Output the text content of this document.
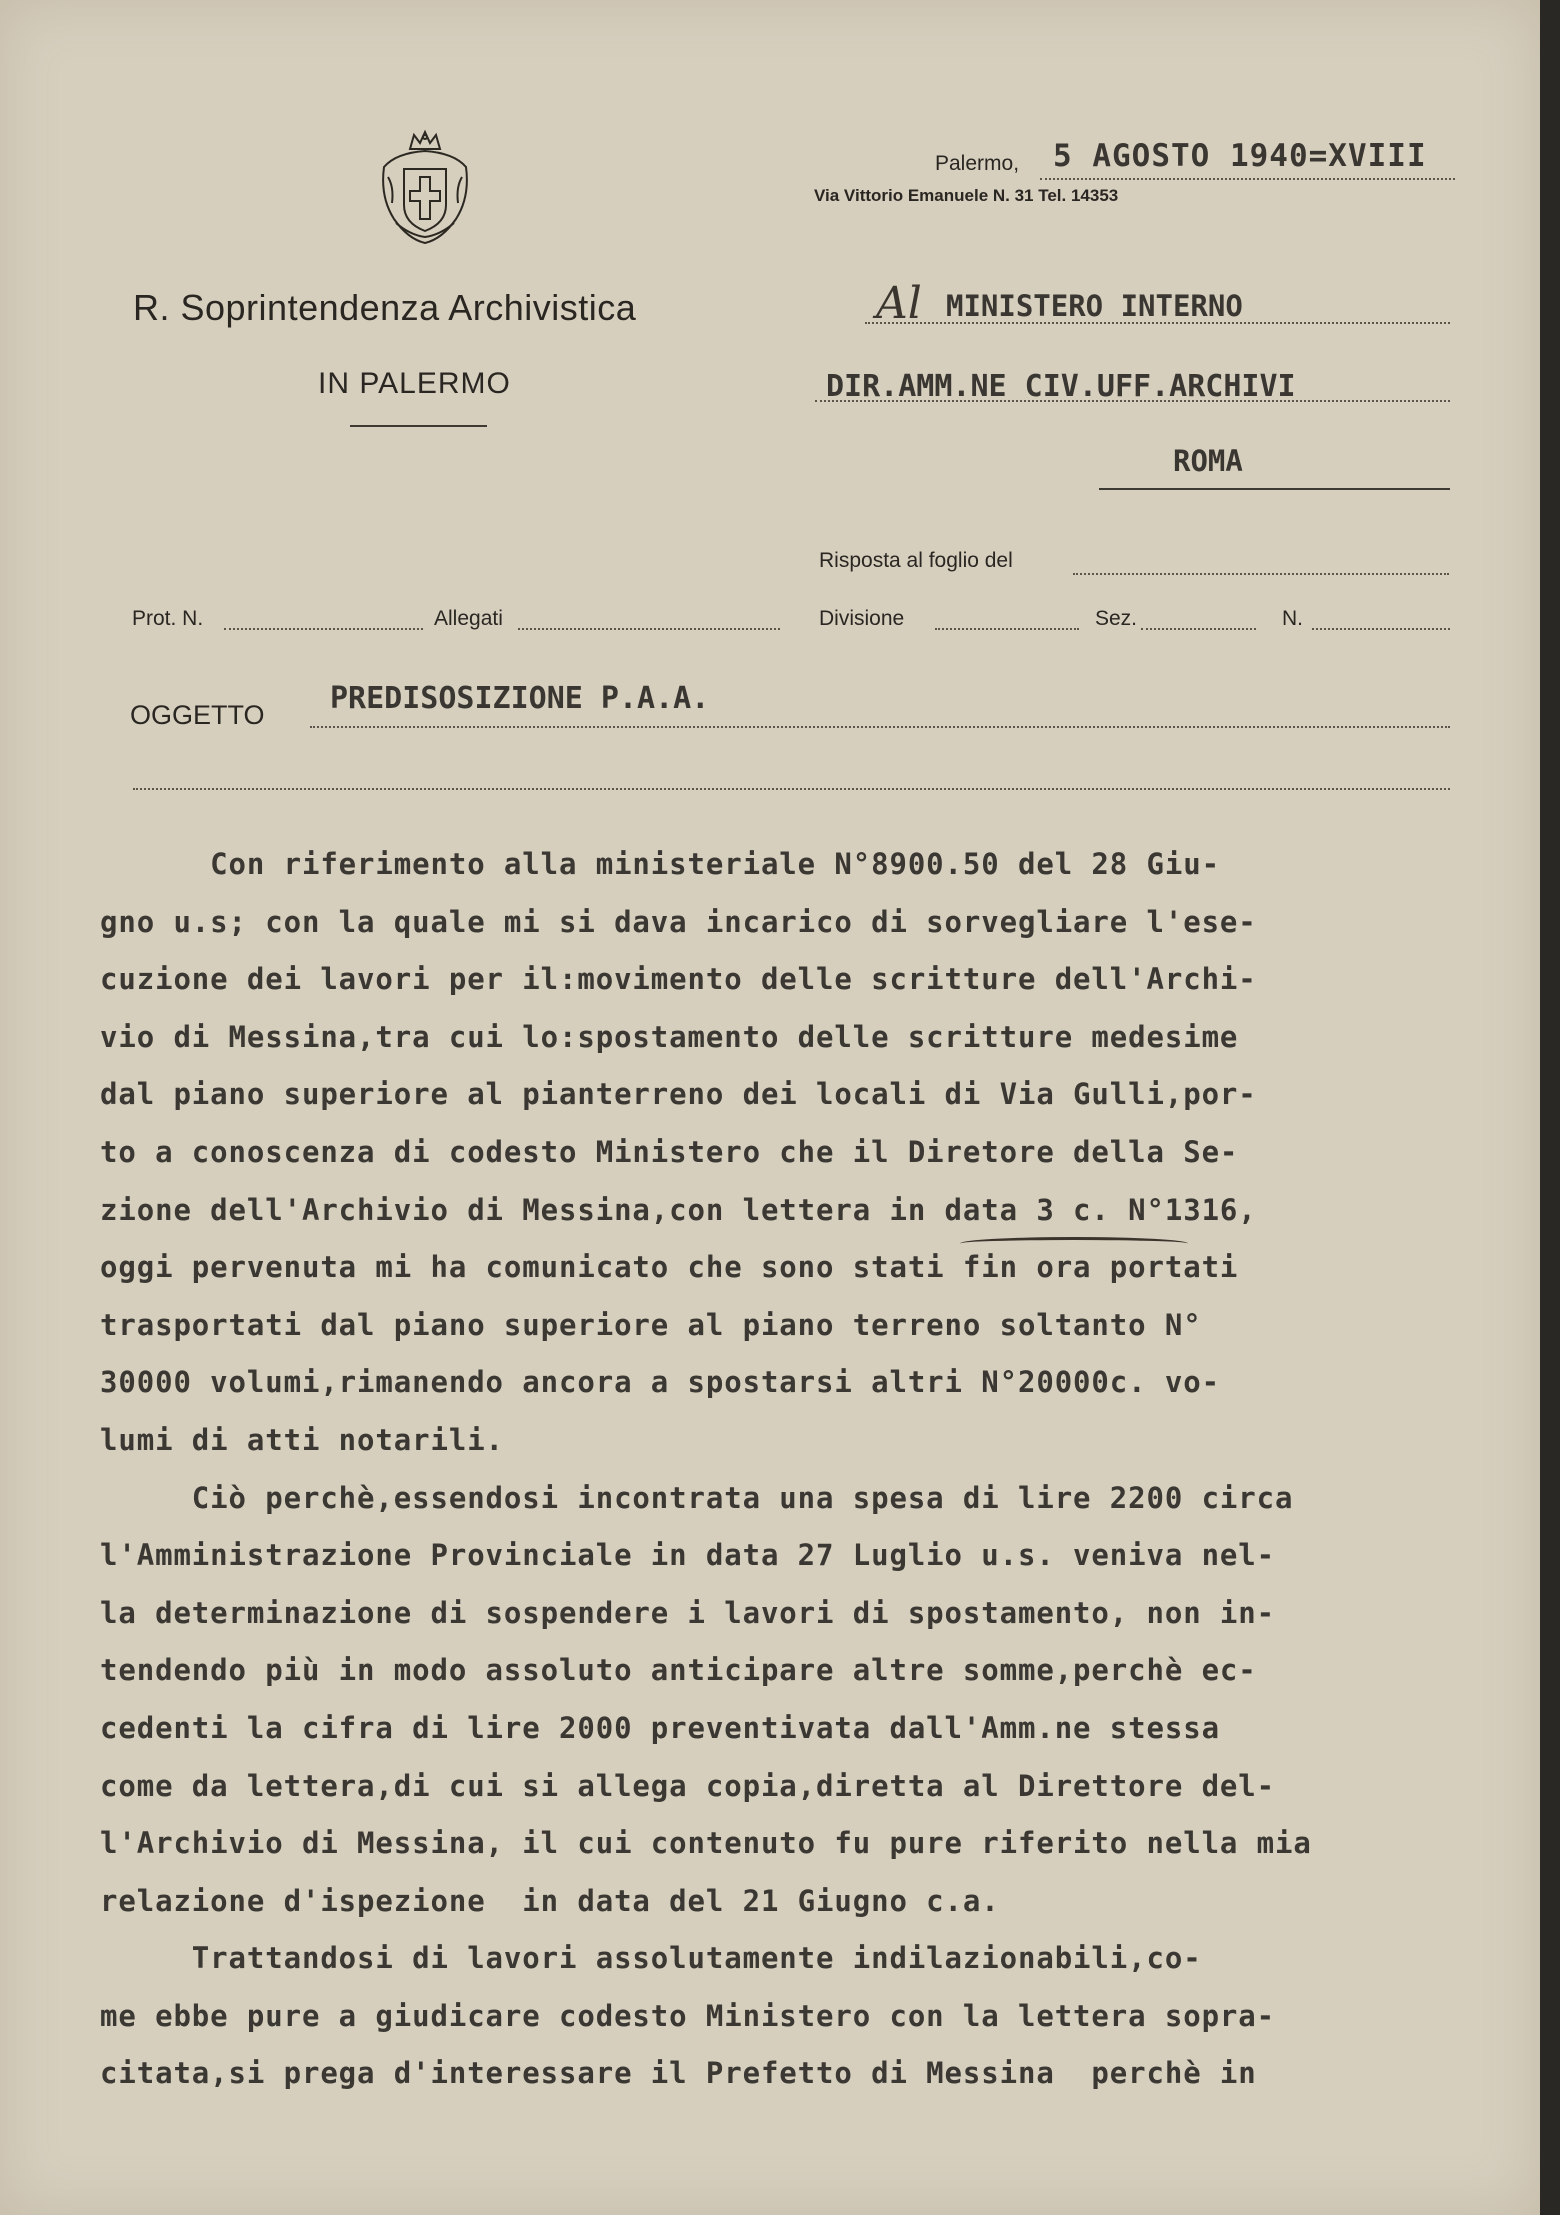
Palermo, 5 AGOSTO 1940=XVIII
Via Vittorio Emanuele N. 31 Tel. 14353
R. Soprintendenza Archivistica
IN PALERMO
Al MINISTERO INTERNO
DIR.AMM.NE CIV.UFF.ARCHIVI
ROMA
Risposta al foglio del
Prot. N.	Allegati	Divisione	Sez.	N.
OGGETTO PREDISOSIZIONE P.A.A.
Con riferimento alla ministeriale N°8900.50 del 28 Giu-
gno u.s; con la quale mi si dava incarico di sorvegliare l'ese-
cuzione dei lavori per il:movimento delle scritture dell'Archi-
vio di Messina,tra cui lo:spostamento delle scritture medesime
dal piano superiore al pianterreno dei locali di Via Gulli,por-
to a conoscenza di codesto Ministero che il Diretore della Se-
zione dell'Archivio di Messina,con lettera in data 3 c. N°1316,
oggi pervenuta mi ha comunicato che sono stati fin ora portati
trasportati dal piano superiore al piano terreno soltanto N°
30000 volumi,rimanendo ancora a spostarsi altri N°20000c. vo-
lumi di atti notarili.
Ciò perchè,essendosi incontrata una spesa di lire 2200 circa
l'Amministrazione Provinciale in data 27 Luglio u.s. veniva nel-
la determinazione di sospendere i lavori di spostamento, non in-
tendendo più in modo assoluto anticipare altre somme,perchè ec-
cedenti la cifra di lire 2000 preventivata dall'Amm.ne stessa
come da lettera,di cui si allega copia,diretta al Direttore del-
l'Archivio di Messina, il cui contenuto fu pure riferito nella mia
relazione d'ispezione  in data del 21 Giugno c.a.
Trattandosi di lavori assolutamente indilazionabili,co-
me ebbe pure a giudicare codesto Ministero con la lettera sopra-
citata,si prega d'interessare il Prefetto di Messina  perchè in
